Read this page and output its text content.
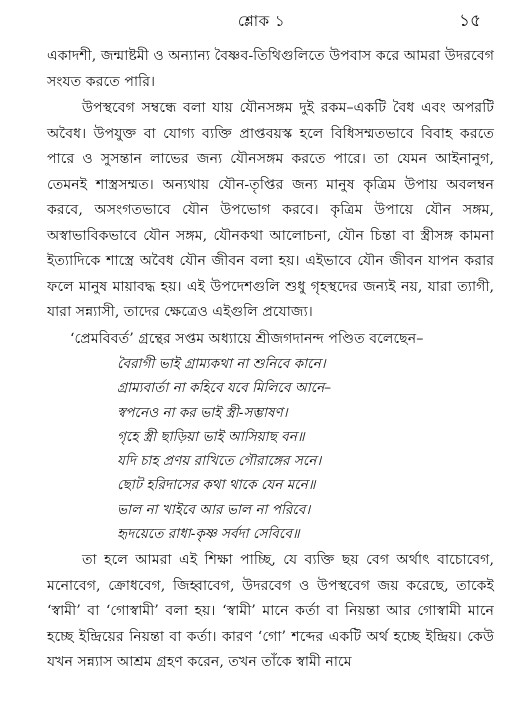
শ্লোক ১	১৫

একাদশী, জন্মাষ্টমী ও অন্যান্য বৈষ্ণব-তিথিগুলিতে উপবাস করে আমরা উদরবেগ সংযত করতে পারি।

উপস্থবেগ সম্বন্ধে বলা যায় যৌনসঙ্গম দুই রকম–একটি বৈধ এবং অপরটি অবৈধ। উপযুক্ত বা যোগ্য ব্যক্তি প্রাপ্তবয়স্ক হলে বিধিসম্মতভাবে বিবাহ করতে পারে ও সুসন্তান লাভের জন্য যৌনসঙ্গম করতে পারে। তা যেমন আইনানুগ, তেমনই শাস্ত্রসম্মত। অন্যথায় যৌন-তৃপ্তির জন্য মানুষ কৃত্রিম উপায় অবলম্বন করবে, অসংগতভাবে যৌন উপভোগ করবে। কৃত্রিম উপায়ে যৌন সঙ্গম, অস্বাভাবিকভাবে যৌন সঙ্গম, যৌনকথা আলোচনা, যৌন চিন্তা বা স্ত্রীসঙ্গ কামনা ইত্যাদিকে শাস্ত্রে অবৈধ যৌন জীবন বলা হয়। এইভাবে যৌন জীবন যাপন করার ফলে মানুষ মায়াবদ্ধ হয়। এই উপদেশগুলি শুধু গৃহস্থদের জন্যই নয়, যারা ত্যাগী, যারা সন্ন্যাসী, তাদের ক্ষেত্রেও এইগুলি প্রযোজ্য।

‘প্রেমবিবর্ত’ গ্রন্থের সপ্তম অধ্যায়ে শ্রীজগদানন্দ পণ্ডিত বলেছেন–

বৈরাগী ভাই গ্রাম্যকথা না শুনিবে কানে।
গ্রাম্যবার্তা না কহিবে যবে মিলিবে আনে–
স্বপনেও না কর ভাই স্ত্রী-সম্ভাষণ।
গৃহে স্ত্রী ছাড়িয়া ভাই আসিয়াছ বন॥
যদি চাহ প্রণয় রাখিতে গৌরাঙ্গের সনে।
ছোট হরিদাসের কথা থাকে যেন মনে॥
ভাল না খাইবে আর ভাল না পরিবে।
হৃদয়েতে রাধা-কৃষ্ণ সর্বদা সেবিবে॥

তা হলে আমরা এই শিক্ষা পাচ্ছি, যে ব্যক্তি ছয় বেগ অর্থাৎ বাচোবেগ, মনোবেগ, ক্রোধবেগ, জিহ্বাবেগ, উদরবেগ ও উপস্থবেগ জয় করেছে, তাকেই ‘স্বামী’ বা ‘গোস্বামী’ বলা হয়। ‘স্বামী’ মানে কর্তা বা নিয়ন্তা আর গোস্বামী মানে হচ্ছে ইন্দ্রিয়ের নিয়ন্তা বা কর্তা। কারণ ‘গো’ শব্দের একটি অর্থ হচ্ছে ইন্দ্রিয়। কেউ যখন সন্ন্যাস আশ্রম গ্রহণ করেন, তখন তাঁকে স্বামী নামে
